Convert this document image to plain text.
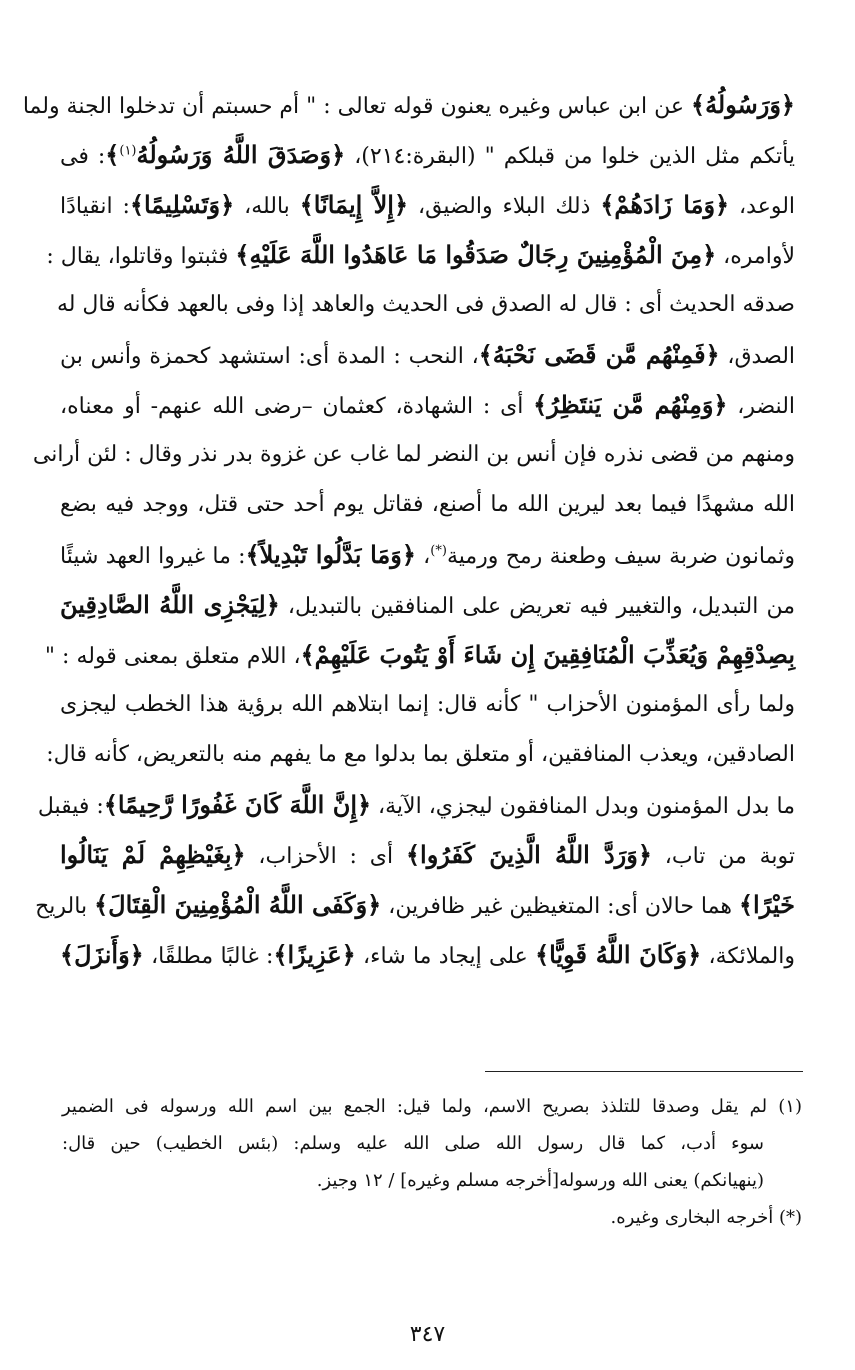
﴿وَرَسُولُهُ﴾ عن ابن عباس وغيره يعنون قوله تعالى : " أم حسبتم أن تدخلوا الجنة ولما
يأتكم مثل الذين خلوا من قبلكم " (البقرة:٢١٤)، ﴿وَصَدَقَ اللَّهُ وَرَسُولُهُ$^{(١)}$﴾: فى
الوعد، ﴿وَمَا زَادَهُمْ﴾ ذلك البلاء والضيق، ﴿إِلاَّ إِيمَانًا﴾ بالله، ﴿وَتَسْلِيمًا﴾: انقيادًا
لأوامره، ﴿مِنَ الْمُؤْمِنِينَ رِجَالٌ صَدَقُوا مَا عَاهَدُوا اللَّهَ عَلَيْهِ﴾ فثبتوا وقاتلوا، يقال :
صدقه الحديث أى : قال له الصدق فى الحديث والعاهد إذا وفى بالعهد فكأنه قال له
الصدق، ﴿فَمِنْهُم مَّن قَضَى نَحْبَهُ﴾، النحب : المدة أى: استشهد كحمزة وأنس بن
النضر، ﴿وَمِنْهُم مَّن يَنتَظِرُ﴾ أى : الشهادة، كعثمان –رضى الله عنهم- أو معناه،
ومنهم من قضى نذره فإن أنس بن النضر لما غاب عن غزوة بدر نذر وقال : لئن أرانى
الله مشهدًا فيما بعد ليرين الله ما أصنع، فقاتل يوم أحد حتى قتل، ووجد فيه بضع
وثمانون ضربة سيف وطعنة رمح ورمية(*)، ﴿وَمَا بَدَّلُوا تَبْدِيلاً﴾: ما غيروا العهد شيئًا
من التبديل، والتغيير فيه تعريض على المنافقين بالتبديل، ﴿لِيَجْزِى اللَّهُ الصَّادِقِينَ
بِصِدْقِهِمْ وَيُعَذِّبَ الْمُنَافِقِينَ إِن شَاءَ أَوْ يَتُوبَ عَلَيْهِمْ﴾، اللام متعلق بمعنى قوله : "
ولما رأى المؤمنون الأحزاب " كأنه قال: إنما ابتلاهم الله برؤية هذا الخطب ليجزى
الصادقين، ويعذب المنافقين، أو متعلق بما بدلوا مع ما يفهم منه بالتعريض، كأنه قال:
ما بدل المؤمنون وبدل المنافقون ليجزي، الآية، ﴿إِنَّ اللَّهَ كَانَ غَفُورًا رَّحِيمًا﴾: فيقبل
توبة من تاب، ﴿وَرَدَّ اللَّهُ الَّذِينَ كَفَرُوا﴾ أى : الأحزاب، ﴿بِغَيْظِهِمْ لَمْ يَنَالُوا
خَيْرًا﴾ هما حالان أى: المتغيظين غير ظافرين، ﴿وَكَفَى اللَّهُ الْمُؤْمِنِينَ الْقِتَالَ﴾ بالريح
والملائكة، ﴿وَكَانَ اللَّهُ قَوِيًّا﴾ على إيجاد ما شاء، ﴿عَزِيزًا﴾: غالبًا مطلقًا، ﴿وَأَنزَلَ﴾
(١) لم يقل وصدقا للتلذذ بصريح الاسم، ولما قيل: الجمع بين اسم الله ورسوله فى الضمير
سوء أدب، كما قال رسول الله صلى الله عليه وسلم: (بئس الخطيب) حين قال:
(ينهيانكم) يعنى الله ورسوله[أخرجه مسلم وغيره] / ١٢ وجيز.
(*) أخرجه البخارى وغيره.
٣٤٧
